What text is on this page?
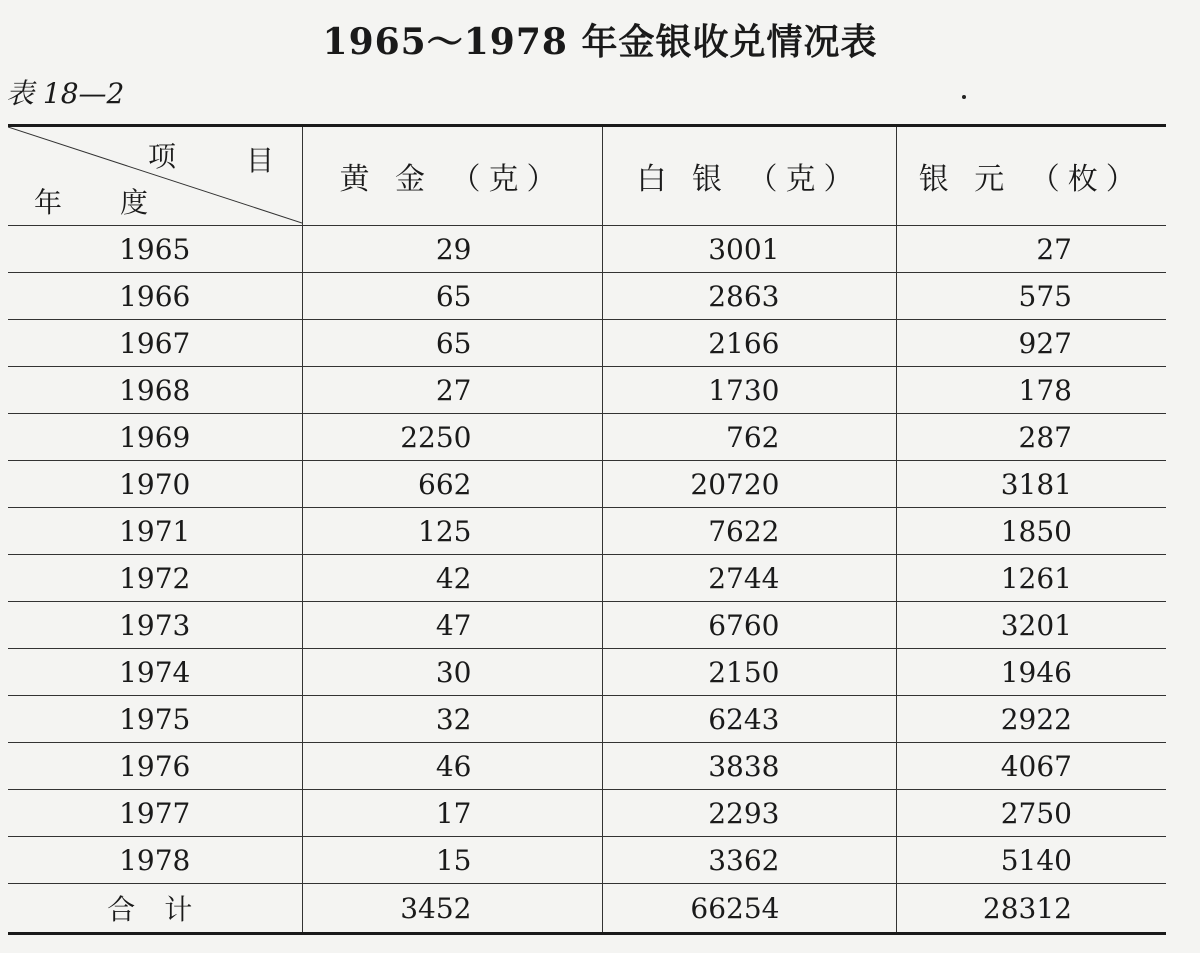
1965～1978 年金银收兑情况表
表 18—2
项 目
年 度	黄 金 （克）	白 银 （克）	银 元 （枚）
1965	29	3001	27
1966	65	2863	575
1967	65	2166	927
1968	27	1730	178
1969	2250	762	287
1970	662	20720	3181
1971	125	7622	1850
1972	42	2744	1261
1973	47	6760	3201
1974	30	2150	1946
1975	32	6243	2922
1976	46	3838	4067
1977	17	2293	2750
1978	15	3362	5140
合 计	3452	66254	28312
